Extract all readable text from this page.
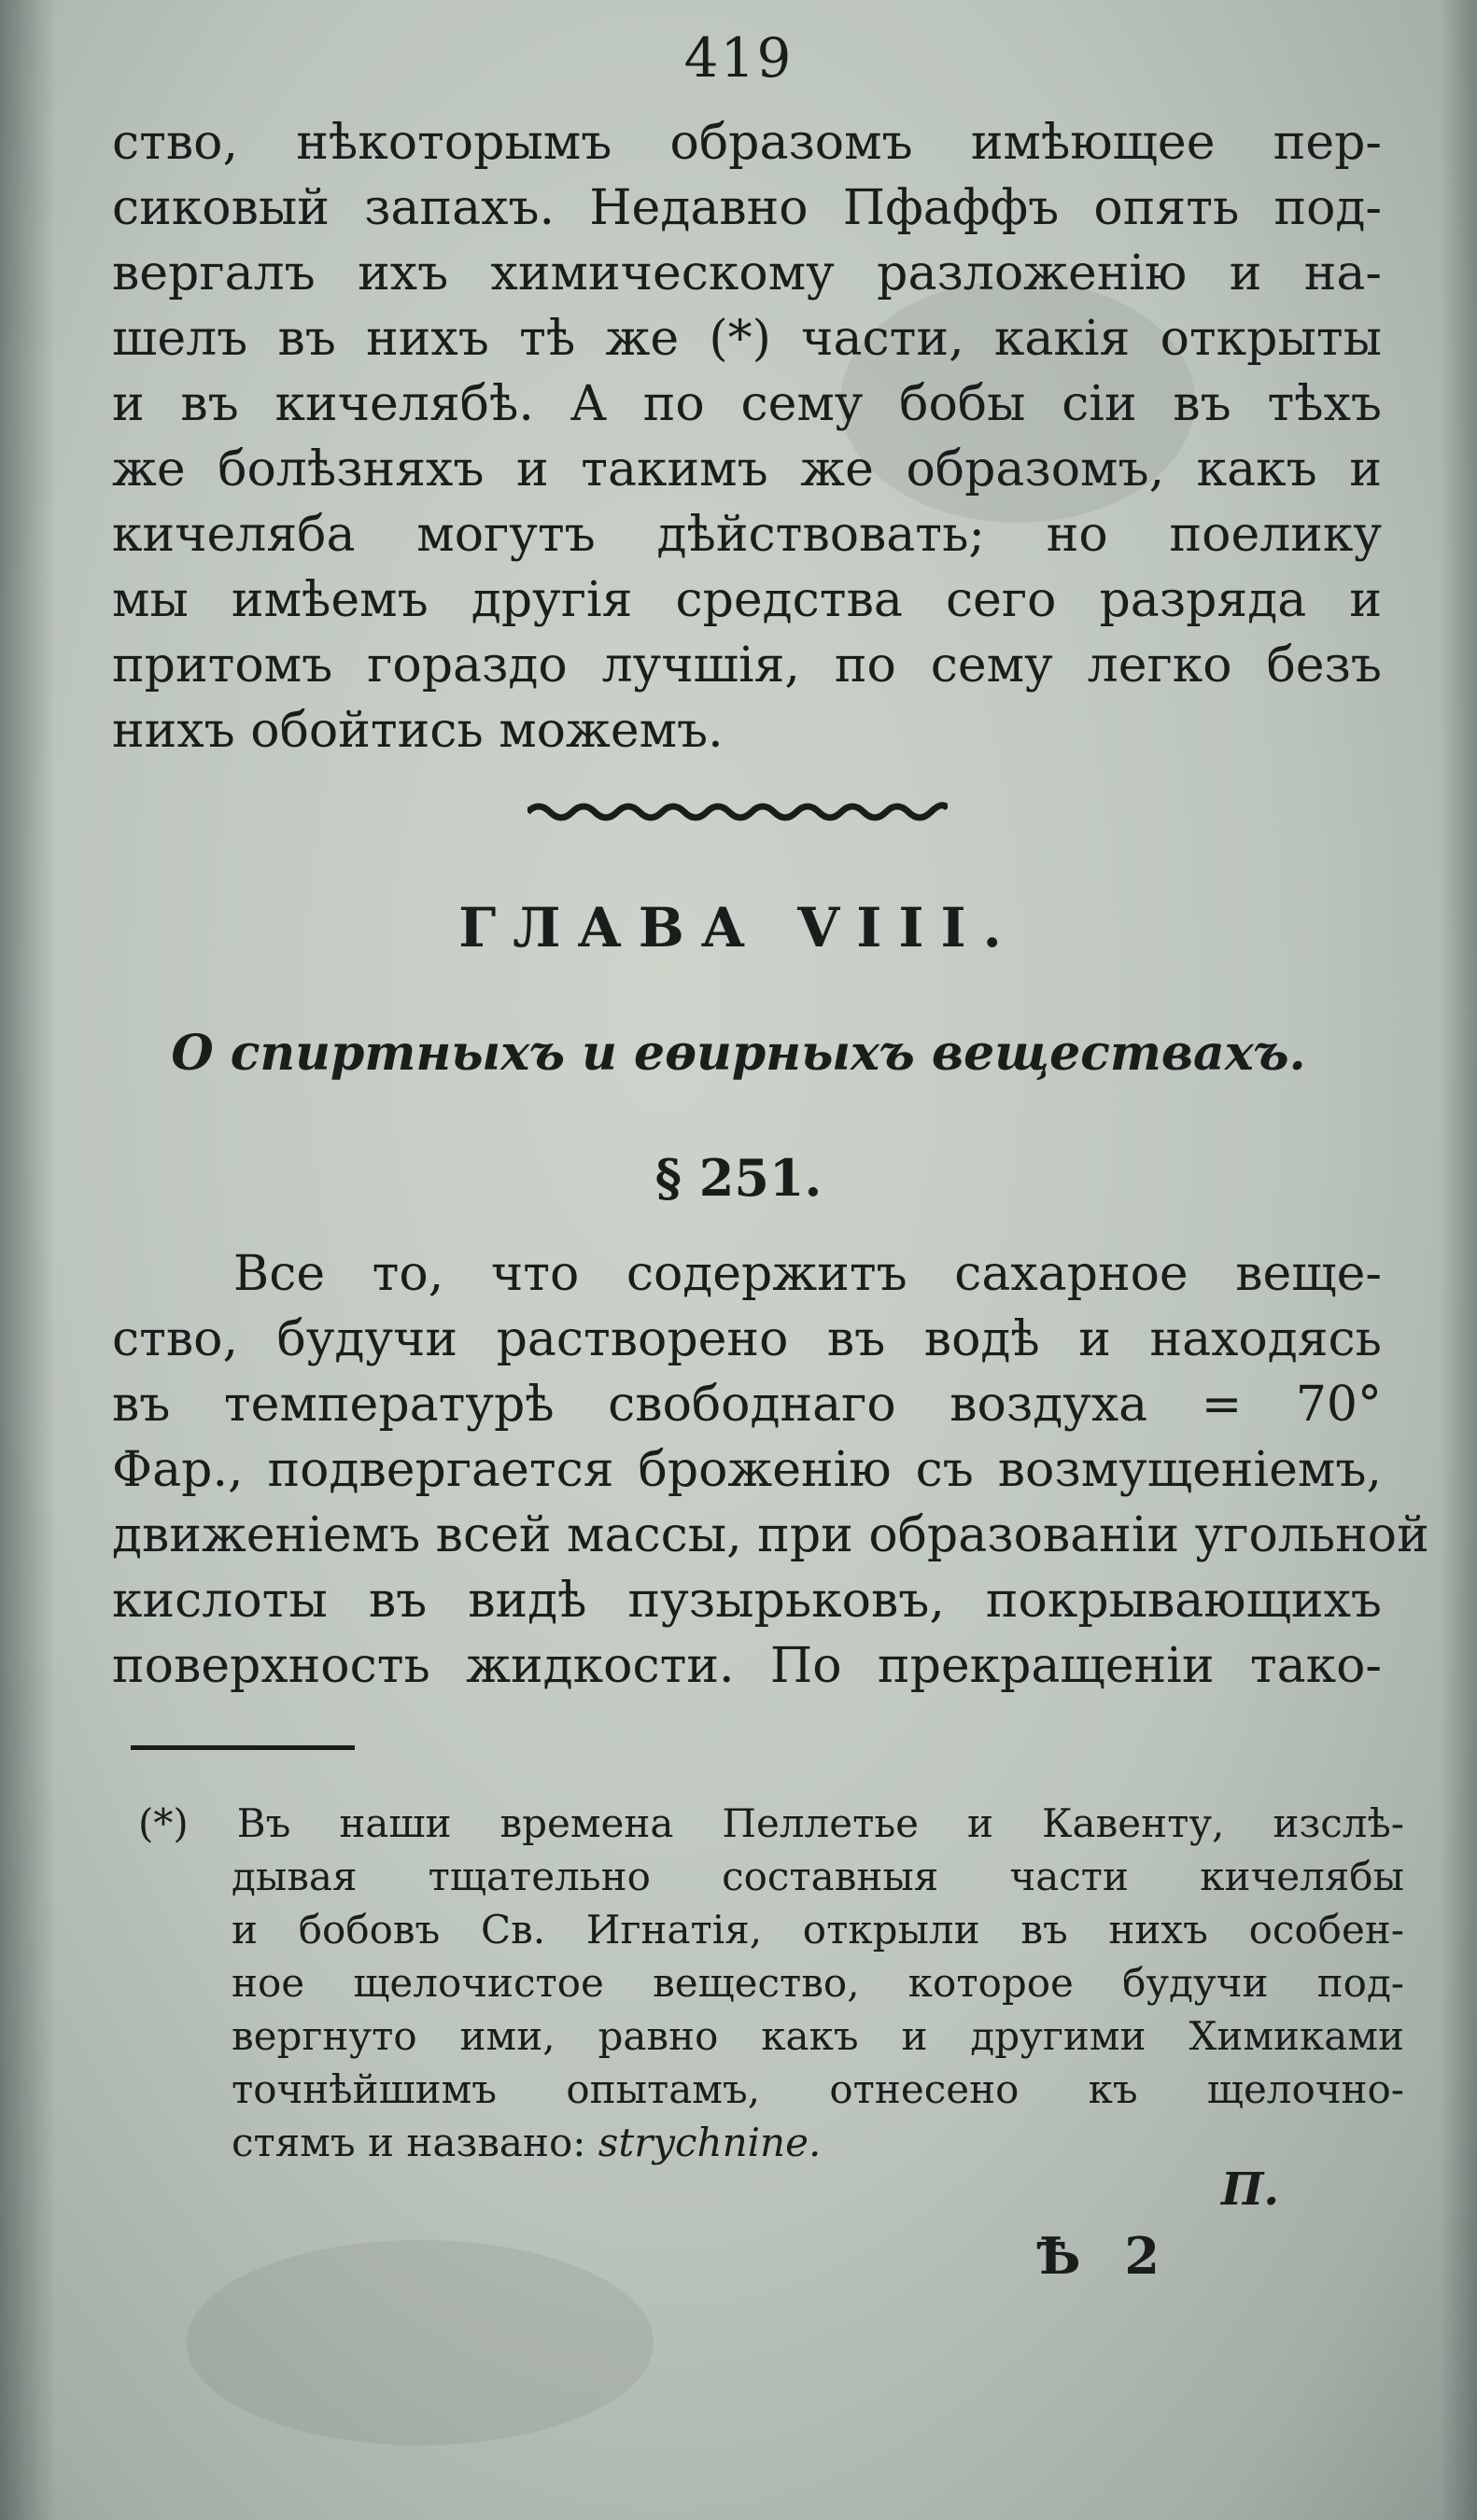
419
ство, нѣкоторымъ образомъ имѣющее пер-
сиковый запахъ. Недавно Пфаффъ опять под-
вергалъ ихъ химическому разложенію и на-
шелъ въ нихъ тѣ же (*) части, какія открыты
и въ кичелябѣ. А по сему бобы сіи въ тѣхъ
же болѣзняхъ и такимъ же образомъ, какъ и
кичеляба могутъ дѣйствовать; но поелику
мы имѣемъ другія средства сего разряда и
притомъ гораздо лучшія, по сему легко безъ
нихъ обойтись можемъ.
ГЛАВА VIII.
О спиртныхъ и еѳирныхъ веществахъ.
§ 251.
Все то, что содержитъ сахарное веще-
ство, будучи растворено въ водѣ и находясь
въ температурѣ свободнаго воздуха = 70°
Фар., подвергается броженію съ возмущеніемъ,
движеніемъ всей массы, при образованіи угольной
кислоты въ видѣ пузырьковъ, покрывающихъ
поверхность жидкости. По прекращеніи тако-
(*) Въ наши времена Пеллетье и Кавенту, изслѣ-
дывая тщательно составныя части кичелябы
и бобовъ Св. Игнатія, открыли въ нихъ особен-
ное щелочистое вещество, которое будучи под-
вергнуто ими, равно какъ и другими Химиками
точнѣйшимъ опытамъ, отнесено къ щелочно-
стямъ и названо: strychnine.
П.
Ѣ 2
